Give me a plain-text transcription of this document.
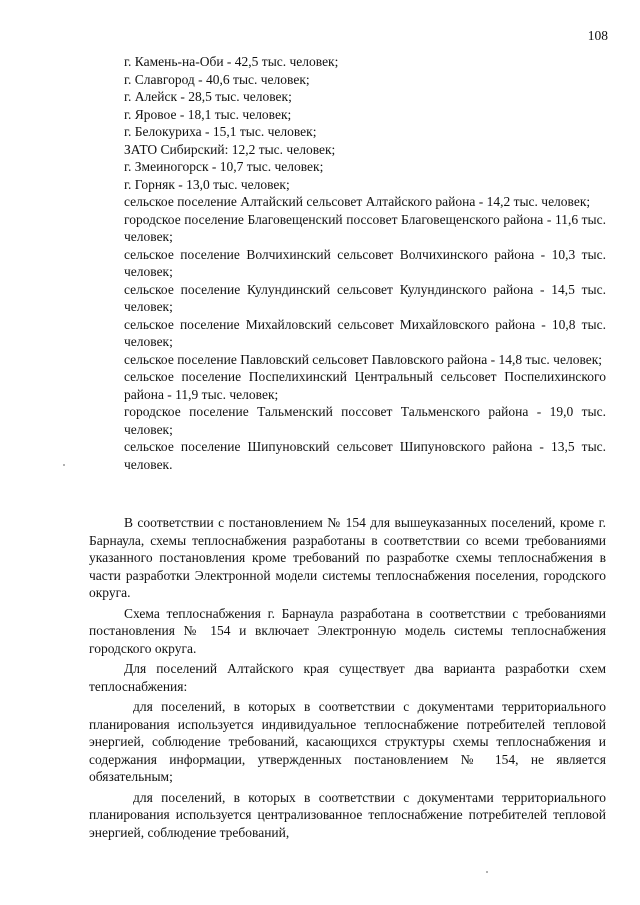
108
г. Камень-на-Оби - 42,5 тыс. человек;
г. Славгород - 40,6 тыс. человек;
г. Алейск - 28,5 тыс. человек;
г. Яровое - 18,1 тыс. человек;
г. Белокуриха - 15,1 тыс. человек;
ЗАТО Сибирский: 12,2 тыс. человек;
г. Змеиногорск - 10,7 тыс. человек;
г. Горняк - 13,0 тыс. человек;
сельское поселение Алтайский сельсовет Алтайского района - 14,2 тыс. человек;
городское поселение Благовещенский поссовет Благовещенского района - 11,6 тыс. человек;
сельское поселение Волчихинский сельсовет Волчихинского района - 10,3 тыс. человек;
сельское поселение Кулундинский сельсовет Кулундинского района - 14,5 тыс. человек;
сельское поселение Михайловский сельсовет Михайловского района - 10,8 тыс. человек;
сельское поселение Павловский сельсовет Павловского района - 14,8 тыс. человек;
сельское поселение Поспелихинский Центральный сельсовет Поспелихинского района - 11,9 тыс. человек;
городское поселение Тальменский поссовет Тальменского района - 19,0 тыс. человек;
сельское поселение Шипуновский сельсовет Шипуновского района - 13,5 тыс. человек.

В соответствии с постановлением № 154 для вышеуказанных поселений, кроме г. Барнаула, схемы теплоснабжения разработаны в соответствии со всеми требованиями указанного постановления кроме требований по разработке схемы теплоснабжения в части разработки Электронной модели системы теплоснабжения поселения, городского округа.

Схема теплоснабжения г. Барнаула разработана в соответствии с требованиями постановления № 154 и включает Электронную модель системы теплоснабжения городского округа.

Для поселений Алтайского края существует два варианта разработки схем теплоснабжения:

для поселений, в которых в соответствии с документами территориального планирования используется индивидуальное теплоснабжение потребителей тепловой энергией, соблюдение требований, касающихся структуры схемы теплоснабжения и содержания информации, утвержденных постановлением № 154, не является обязательным;

для поселений, в которых в соответствии с документами территориального планирования используется централизованное теплоснабжение потребителей тепловой энергией, соблюдение требований,
